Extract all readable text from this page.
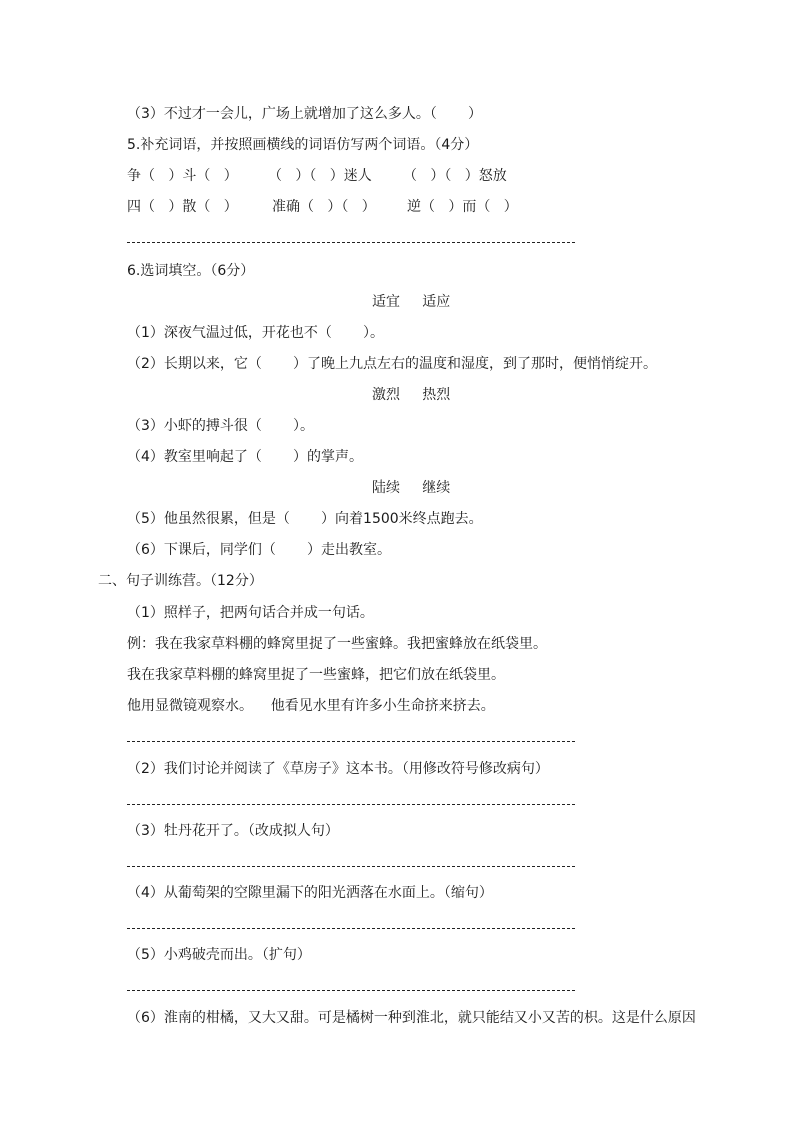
（3）不过才一会儿，广场上就增加了这么多人。（       ）
5.补充词语，并按照画横线的词语仿写两个词语。（4分）
争（   ）斗（   ） （   ）（   ）迷人 （   ）（   ）怒放
四（   ）散（   ） 准确（   ）（   ） 逆（   ）而（   ）
6.选词填空。（6分）
适宜     适应
（1）深夜气温过低，开花也不（       ）。
（2）长期以来，它（       ）了晚上九点左右的温度和湿度，到了那时，便悄悄绽开。
激烈     热烈
（3）小虾的搏斗很（       ）。
（4）教室里响起了（       ）的掌声。
陆续     继续
（5）他虽然很累，但是（       ）向着1500米终点跑去。
（6）下课后，同学们（       ）走出教室。
二、句子训练营。（12分）
（1）照样子，把两句话合并成一句话。
例：我在我家草料棚的蜂窝里捉了一些蜜蜂。我把蜜蜂放在纸袋里。
我在我家草料棚的蜂窝里捉了一些蜜蜂，把它们放在纸袋里。
他用显微镜观察水。    他看见水里有许多小生命挤来挤去。
（2）我们讨论并阅读了《草房子》这本书。（用修改符号修改病句）
（3）牡丹花开了。（改成拟人句）
（4）从葡萄架的空隙里漏下的阳光洒落在水面上。（缩句）
（5）小鸡破壳而出。（扩句）
（6）淮南的柑橘，又大又甜。可是橘树一种到淮北，就只能结又小又苦的枳。这是什么原因
